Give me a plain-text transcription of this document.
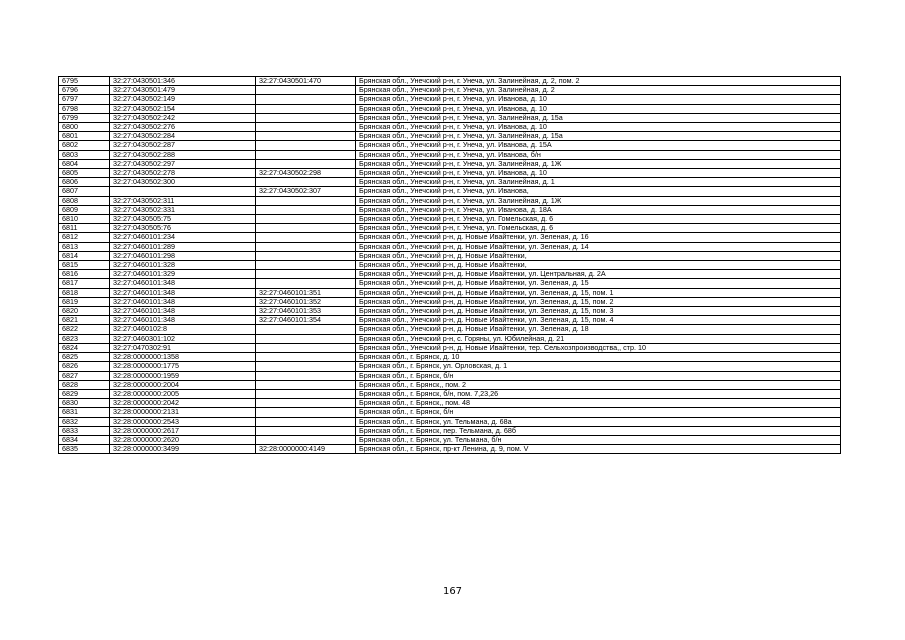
6795	32:27:0430501:346	32:27:0430501:470	Брянская обл., Унечский р-н, г. Унеча, ул. Залинейная, д. 2, пом. 2
6796	32:27:0430501:479		Брянская обл., Унечский р-н, г. Унеча, ул. Залинейная, д. 2
6797	32:27:0430502:149		Брянская обл., Унечский р-н, г. Унеча, ул. Иванова, д. 10
6798	32:27:0430502:154		Брянская обл., Унечский р-н, г. Унеча, ул. Иванова, д. 10
6799	32:27:0430502:242		Брянская обл., Унечский р-н, г. Унеча, ул. Залинейная, д. 15а
6800	32:27:0430502:276		Брянская обл., Унечский р-н, г. Унеча, ул. Иванова, д. 10
6801	32:27:0430502:284		Брянская обл., Унечский р-н, г. Унеча, ул. Залинейная, д. 15а
6802	32:27:0430502:287		Брянская обл., Унечский р-н, г. Унеча, ул. Иванова, д. 15А
6803	32:27:0430502:288		Брянская обл., Унечский р-н, г. Унеча, ул. Иванова, б/н
6804	32:27:0430502:297		Брянская обл., Унечский р-н, г. Унеча, ул. Залинейная, д. 1Ж
6805	32:27:0430502:278	32:27:0430502:298	Брянская обл., Унечский р-н, г. Унеча, ул. Иванова, д. 10
6806	32:27:0430502:300		Брянская обл., Унечский р-н, г. Унеча, ул. Залинейная, д. 1
6807		32:27:0430502:307	Брянская обл., Унечский р-н, г. Унеча, ул. Иванова,
6808	32:27:0430502:311		Брянская обл., Унечский р-н, г. Унеча, ул. Залинейная, д. 1Ж
6809	32:27:0430502:331		Брянская обл., Унечский р-н, г. Унеча, ул. Иванова, д. 18А
6810	32:27:0430505:75		Брянская обл., Унечский р-н, г. Унеча, ул. Гомельская, д. 6
6811	32:27:0430505:76		Брянская обл., Унечский р-н, г. Унеча, ул. Гомельская, д. 6
6812	32:27:0460101:234		Брянская обл., Унечский р-н, д. Новые Ивайтенки, ул. Зеленая, д. 16
6813	32:27:0460101:289		Брянская обл., Унечский р-н, д. Новые Ивайтенки, ул. Зеленая, д. 14
6814	32:27:0460101:298		Брянская обл., Унечский р-н, д. Новые Ивайтенки,
6815	32:27:0460101:328		Брянская обл., Унечский р-н, д. Новые Ивайтенки,
6816	32:27:0460101:329		Брянская обл., Унечский р-н, д. Новые Ивайтенки, ул. Центральная, д. 2А
6817	32:27:0460101:348		Брянская обл., Унечский р-н, д. Новые Ивайтенки, ул. Зеленая, д. 15
6818	32:27:0460101:348	32:27:0460101:351	Брянская обл., Унечский р-н, д. Новые Ивайтенки, ул. Зеленая, д. 15, пом. 1
6819	32:27:0460101:348	32:27:0460101:352	Брянская обл., Унечский р-н, д. Новые Ивайтенки, ул. Зеленая, д. 15, пом. 2
6820	32:27:0460101:348	32:27:0460101:353	Брянская обл., Унечский р-н, д. Новые Ивайтенки, ул. Зеленая, д. 15, пом. 3
6821	32:27:0460101:348	32:27:0460101:354	Брянская обл., Унечский р-н, д. Новые Ивайтенки, ул. Зеленая, д. 15, пом. 4
6822	32:27:0460102:8		Брянская обл., Унечский р-н, д. Новые Ивайтенки, ул. Зеленая, д. 18
6823	32:27:0460301:102		Брянская обл., Унечский р-н, с. Горяны, ул. Юбилейная, д. 21
6824	32:27:0470302:91		Брянская обл., Унечский р-н, д. Новые Ивайтенки, тер. Сельхозпроизводства,, стр. 10
6825	32:28:0000000:1358		Брянская обл., г. Брянск, д. 10
6826	32:28:0000000:1775		Брянская обл., г. Брянск, ул. Орловская, д. 1
6827	32:28:0000000:1959		Брянская обл., г. Брянск, б/н
6828	32:28:0000000:2004		Брянская обл., г. Брянск,, пом. 2
6829	32:28:0000000:2005		Брянская обл., г. Брянск, б/н, пом. 7,23,26
6830	32:28:0000000:2042		Брянская обл., г. Брянск,, пом. 48
6831	32:28:0000000:2131		Брянская обл., г. Брянск, б/н
6832	32:28:0000000:2543		Брянская обл., г. Брянск, ул. Тельмана, д. 68а
6833	32:28:0000000:2617		Брянская обл., г. Брянск, пер. Тельмана, д. 68б
6834	32:28:0000000:2620		Брянская обл., г. Брянск, ул. Тельмана, б/н
6835	32:28:0000000:3499	32:28:0000000:4149	Брянская обл., г. Брянск, пр-кт Ленина, д. 9, пом. V
167
